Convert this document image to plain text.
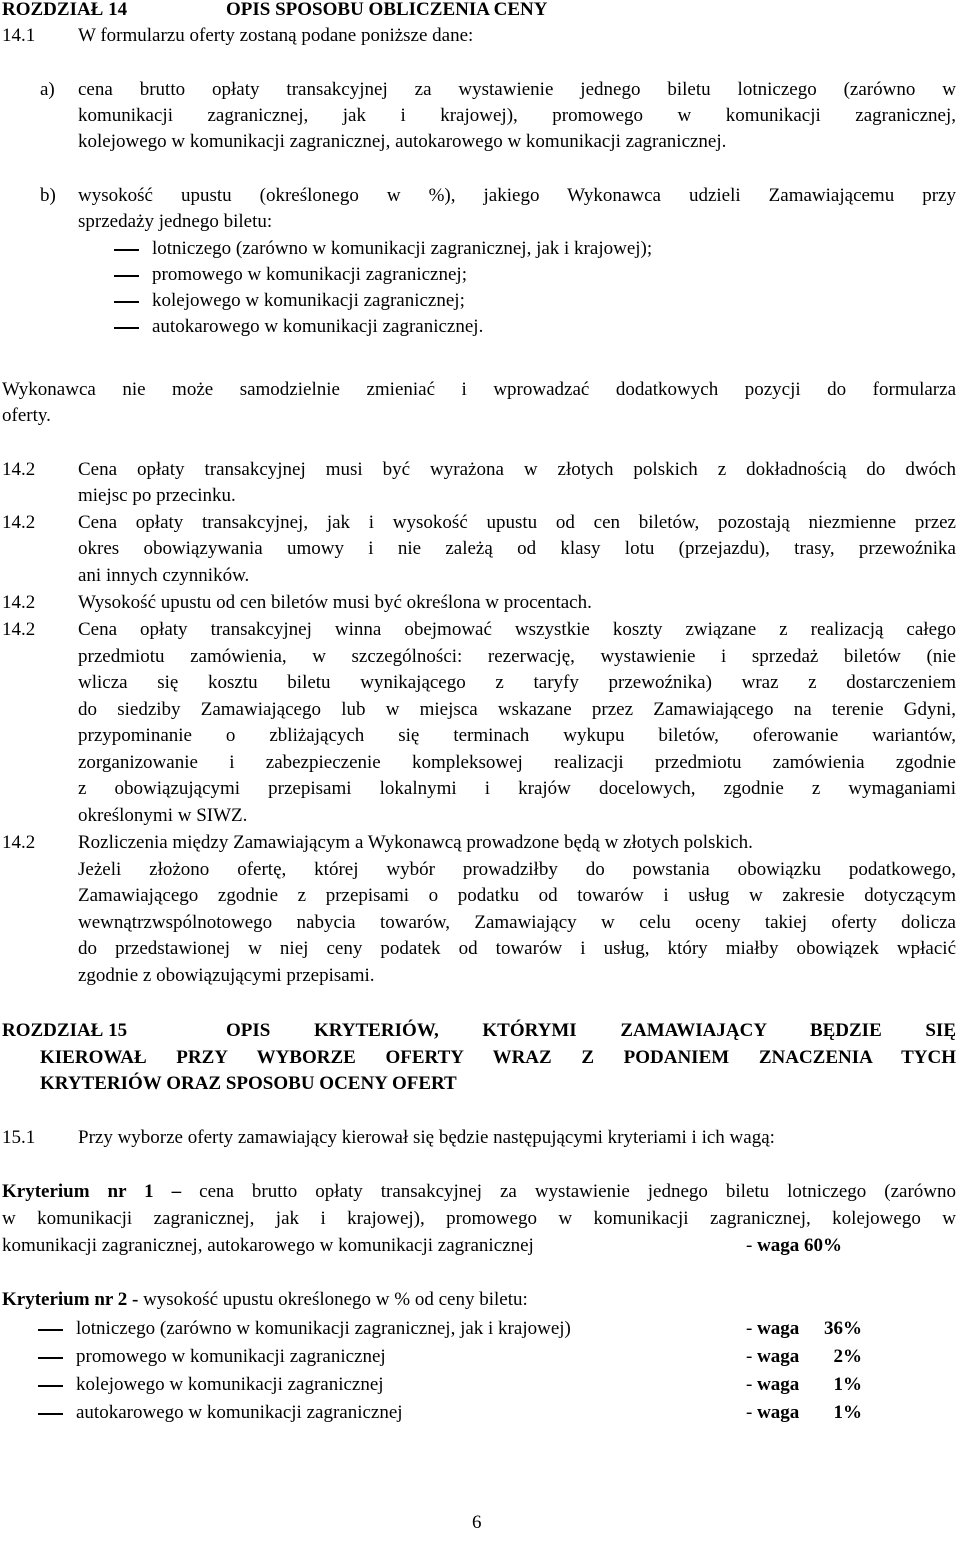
ROZDZIAŁ 14	OPIS SPOSOBU OBLICZENIA CENY
14.1 W formularzu oferty zostaną podane poniższe dane:
a) cena brutto opłaty transakcyjnej za wystawienie jednego biletu lotniczego (zarówno w
komunikacji zagranicznej, jak i krajowej), promowego w komunikacji zagranicznej,
kolejowego w komunikacji zagranicznej, autokarowego w komunikacji zagranicznej.
b) wysokość upustu (określonego w %), jakiego Wykonawca udzieli Zamawiającemu przy
sprzedaży jednego biletu:
lotniczego (zarówno w komunikacji zagranicznej, jak i krajowej);
promowego w komunikacji zagranicznej;
kolejowego w komunikacji zagranicznej;
autokarowego w komunikacji zagranicznej.
Wykonawca nie może samodzielnie zmieniać i wprowadzać dodatkowych pozycji do formularza
oferty.
14.2 Cena opłaty transakcyjnej musi być wyrażona w złotych polskich z dokładnością do dwóch
miejsc po przecinku.
14.2 Cena opłaty transakcyjnej, jak i wysokość upustu od cen biletów, pozostają niezmienne przez
okres obowiązywania umowy i nie zależą od klasy lotu (przejazdu), trasy, przewoźnika
ani innych czynników.
14.2 Wysokość upustu od cen biletów musi być określona w procentach.
14.2 Cena opłaty transakcyjnej winna obejmować wszystkie koszty związane z realizacją całego
przedmiotu zamówienia, w szczególności: rezerwację, wystawienie i sprzedaż biletów (nie
wlicza się kosztu biletu wynikającego z taryfy przewoźnika) wraz z dostarczeniem
do siedziby Zamawiającego lub w miejsca wskazane przez Zamawiającego na terenie Gdyni,
przypominanie o zbliżających się terminach wykupu biletów, oferowanie wariantów,
zorganizowanie i zabezpieczenie kompleksowej realizacji przedmiotu zamówienia zgodnie
z obowiązującymi przepisami lokalnymi i krajów docelowych, zgodnie z wymaganiami
określonymi w SIWZ.
14.2 Rozliczenia między Zamawiającym a Wykonawcą prowadzone będą w złotych polskich.
Jeżeli złożono ofertę, której wybór prowadziłby do powstania obowiązku podatkowego,
Zamawiającego zgodnie z przepisami o podatku od towarów i usług w zakresie dotyczącym
wewnątrzwspólnotowego nabycia towarów, Zamawiający w celu oceny takiej oferty dolicza
do przedstawionej w niej ceny podatek od towarów i usług, który miałby obowiązek wpłacić
zgodnie z obowiązującymi przepisami.
ROZDZIAŁ 15	OPIS KRYTERIÓW, KTÓRYMI ZAMAWIAJĄCY BĘDZIE SIĘ
KIEROWAŁ PRZY WYBORZE OFERTY WRAZ Z PODANIEM ZNACZENIA TYCH
KRYTERIÓW ORAZ SPOSOBU OCENY OFERT
15.1 Przy wyborze oferty zamawiający kierował się będzie następującymi kryteriami i ich wagą:
Kryterium nr 1 – cena brutto opłaty transakcyjnej za wystawienie jednego biletu lotniczego (zarówno
w komunikacji zagranicznej, jak i krajowej), promowego w komunikacji zagranicznej, kolejowego w
komunikacji zagranicznej, autokarowego w komunikacji zagranicznej	- waga 60%
Kryterium nr 2 - wysokość upustu określonego w % od ceny biletu:
lotniczego (zarówno w komunikacji zagranicznej, jak i krajowej)	- waga	36%
promowego w komunikacji zagranicznej	- waga	2%
kolejowego w komunikacji zagranicznej	- waga	1%
autokarowego w komunikacji zagranicznej	- waga	1%
6
